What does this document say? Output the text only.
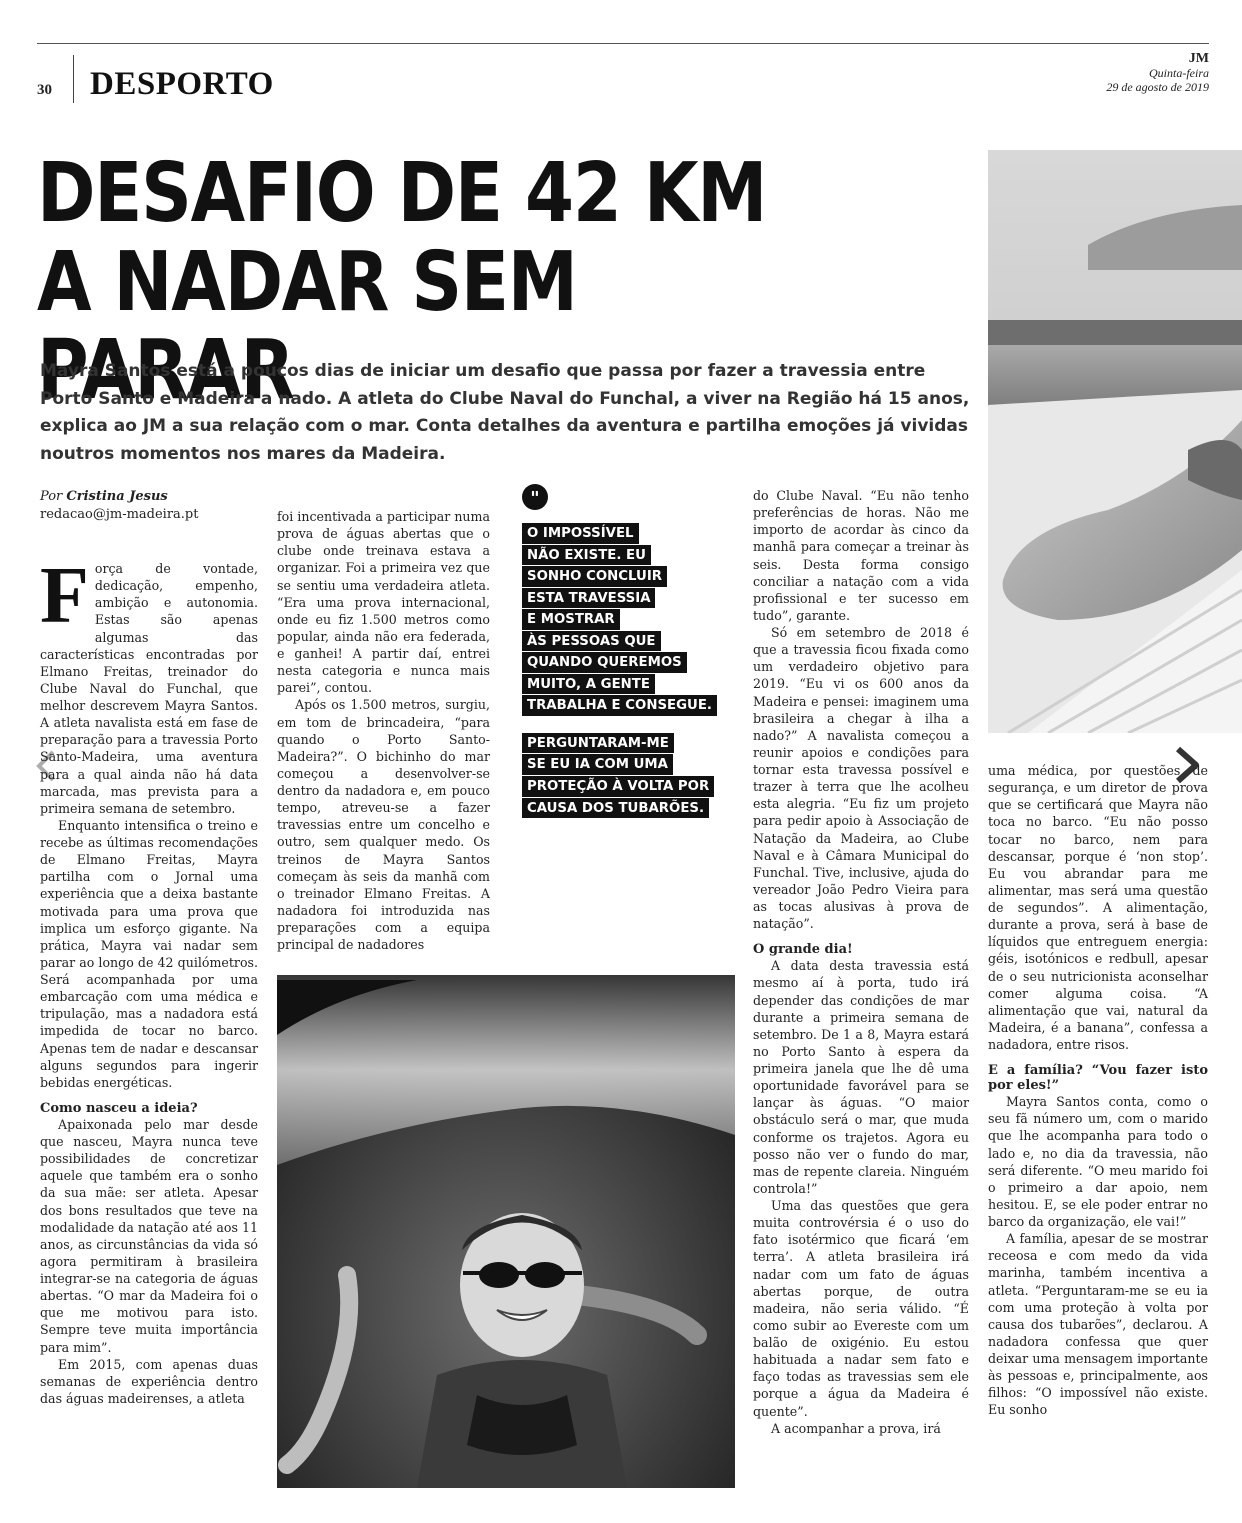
30 DESPORTO
JM
Quinta-feira
29 de agosto de 2019
DESAFIO DE 42 KM
A NADAR SEM PARAR
Mayra Santos está a poucos dias de iniciar um desafio que passa por fazer a travessia entre Porto Santo e Madeira a nado. A atleta do Clube Naval do Funchal, a viver na Região há 15 anos, explica ao JM a sua relação com o mar. Conta detalhes da aventura e partilha emoções já vividas noutros momentos nos mares da Madeira.
Por Cristina Jesus
redacao@jm-madeira.pt
F orça de vontade, dedicação, empenho, ambição e autonomia. Estas são apenas algumas das características encontradas por Elmano Freitas, treinador do Clube Naval do Funchal, que melhor descrevem Mayra Santos. A atleta navalista está em fase de preparação para a travessia Porto Santo-Madeira, uma aventura para a qual ainda não há data marcada, mas prevista para a primeira semana de setembro.

Enquanto intensifica o treino e recebe as últimas recomendações de Elmano Freitas, Mayra partilha com o Jornal uma experiência que a deixa bastante motivada para uma prova que implica um esforço gigante. Na prática, Mayra vai nadar sem parar ao longo de 42 quilómetros. Será acompanhada por uma embarcação com uma médica e tripulação, mas a nadadora está impedida de tocar no barco. Apenas tem de nadar e descansar alguns segundos para ingerir bebidas energéticas.

Como nasceu a ideia?

Apaixonada pelo mar desde que nasceu, Mayra nunca teve possibilidades de concretizar aquele que também era o sonho da sua mãe: ser atleta. Apesar dos bons resultados que teve na modalidade da natação até aos 11 anos, as circunstâncias da vida só agora permitiram à brasileira integrar-se na categoria de águas abertas. “O mar da Madeira foi o que me motivou para isto. Sempre teve muita importância para mim”.

Em 2015, com apenas duas semanas de experiência dentro das águas madeirenses, a atleta

foi incentivada a participar numa prova de águas abertas que o clube onde treinava estava a organizar. Foi a primeira vez que se sentiu uma verdadeira atleta. “Era uma prova internacional, onde eu fiz 1.500 metros como popular, ainda não era federada, e ganhei! A partir daí, entrei nesta categoria e nunca mais parei”, contou.

Após os 1.500 metros, surgiu, em tom de brincadeira, “para quando o Porto Santo-Madeira?”. O bichinho do mar começou a desenvolver-se dentro da nadadora e, em pouco tempo, atreveu-se a fazer travessias entre um concelho e outro, sem qualquer medo. Os treinos de Mayra Santos começam às seis da manhã com o treinador Elmano Freitas. A nadadora foi introduzida nas preparações com a equipa principal de nadadores

"
O IMPOSSÍVEL
NÃO EXISTE. EU
SONHO CONCLUIR
ESTA TRAVESSIA
E MOSTRAR
ÀS PESSOAS QUE
QUANDO QUEREMOS
MUITO, A GENTE
TRABALHA E CONSEGUE.
PERGUNTARAM-ME
SE EU IA COM UMA
PROTEÇÃO À VOLTA POR
CAUSA DOS TUBARÕES.

do Clube Naval. “Eu não tenho preferências de horas. Não me importo de acordar às cinco da manhã para começar a treinar às seis. Desta forma consigo conciliar a natação com a vida profissional e ter sucesso em tudo”, garante.

Só em setembro de 2018 é que a travessia ficou fixada como um verdadeiro objetivo para 2019. “Eu vi os 600 anos da Madeira e pensei: imaginem uma brasileira a chegar à ilha a nado?” A navalista começou a reunir apoios e condições para tornar esta travessa possível e trazer à terra que lhe acolheu esta alegria. “Eu fiz um projeto para pedir apoio à Associação de Natação da Madeira, ao Clube Naval e à Câmara Municipal do Funchal. Tive, inclusive, ajuda do vereador João Pedro Vieira para as tocas alusivas à prova de natação”.

O grande dia!

A data desta travessia está mesmo aí à porta, tudo irá depender das condições de mar durante a primeira semana de setembro. De 1 a 8, Mayra estará no Porto Santo à espera da primeira janela que lhe dê uma oportunidade favorável para se lançar às águas. “O maior obstáculo será o mar, que muda conforme os trajetos. Agora eu posso não ver o fundo do mar, mas de repente clareia. Ninguém controla!”

Uma das questões que gera muita controvérsia é o uso do fato isotérmico que ficará ‘em terra’. A atleta brasileira irá nadar com um fato de águas abertas porque, de outra madeira, não seria válido. “É como subir ao Evereste com um balão de oxigénio. Eu estou habituada a nadar sem fato e faço todas as travessias sem ele porque a água da Madeira é quente”.

A acompanhar a prova, irá

uma médica, por questões de segurança, e um diretor de prova que se certificará que Mayra não toca no barco. “Eu não posso tocar no barco, nem para descansar, porque é ‘non stop’. Eu vou abrandar para me alimentar, mas será uma questão de segundos”. A alimentação, durante a prova, será à base de líquidos que entreguem energia: géis, isotónicos e redbull, apesar de o seu nutricionista aconselhar comer alguma coisa. “A alimentação que vai, natural da Madeira, é a banana”, confessa a nadadora, entre risos.

E a família? “Vou fazer isto por eles!”

Mayra Santos conta, como o seu fã número um, com o marido que lhe acompanha para todo o lado e, no dia da travessia, não será diferente. “O meu marido foi o primeiro a dar apoio, nem hesitou. E, se ele poder entrar no barco da organização, ele vai!”

A família, apesar de se mostrar receosa e com medo da vida marinha, também incentiva a atleta. “Perguntaram-me se eu ia com uma proteção à volta por causa dos tubarões”, declarou. A nadadora confessa que quer deixar uma mensagem importante às pessoas e, principalmente, aos filhos: “O impossível não existe. Eu sonho
